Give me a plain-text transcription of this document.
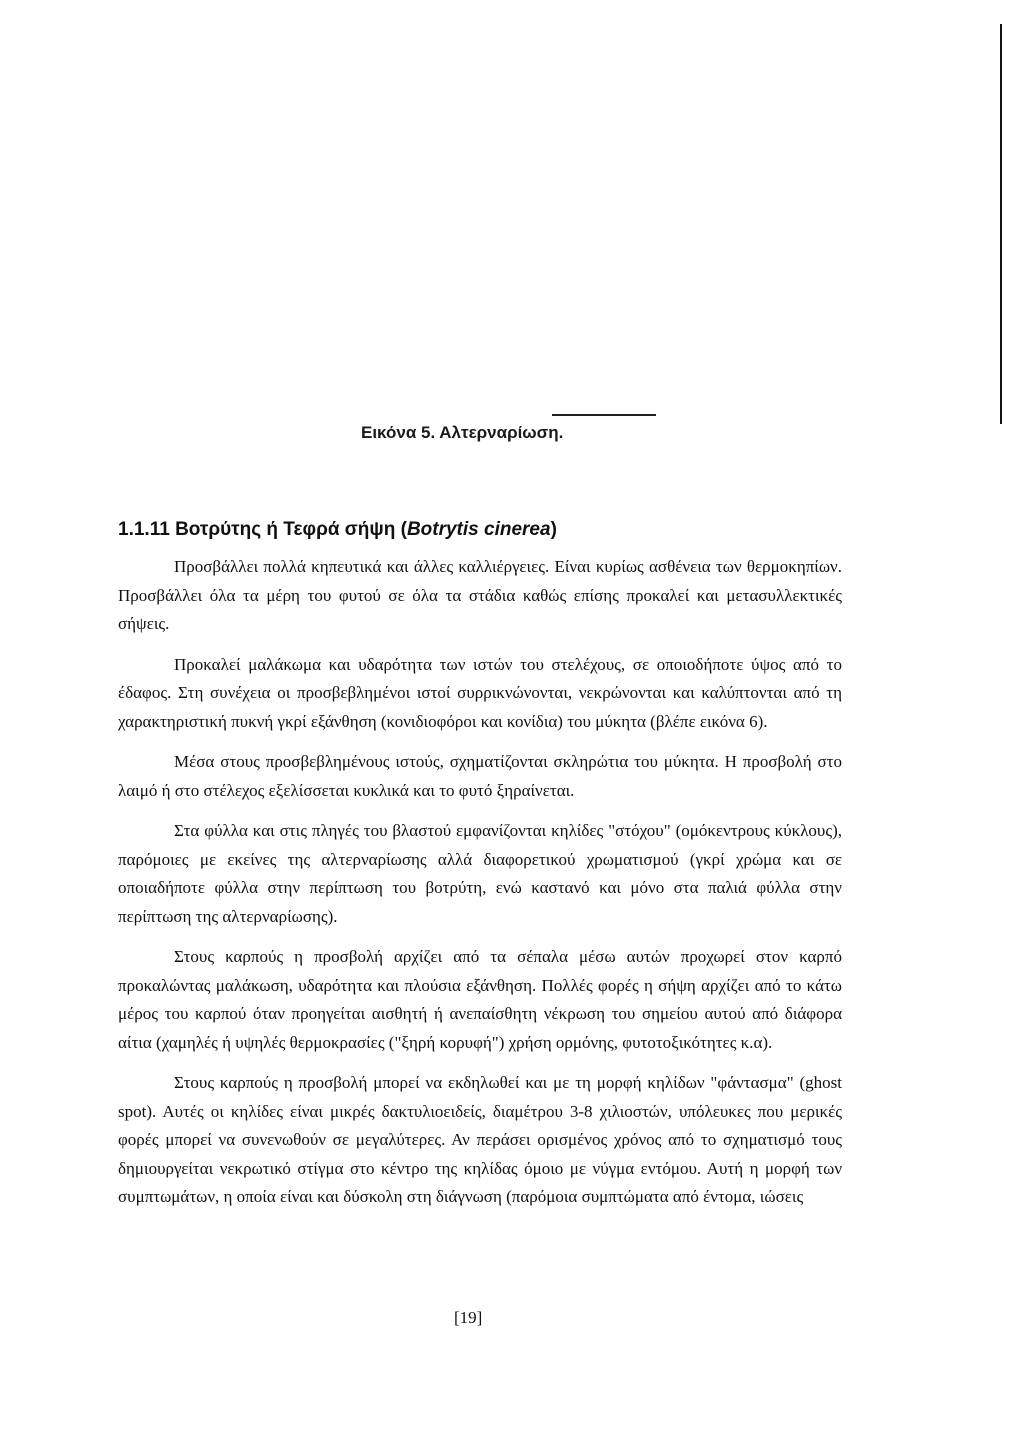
Εικόνα 5. Αλτερναρίωση.
1.1.11 Βοτρύτης ή Τεφρά σήψη (Botrytis cinerea)

Προσβάλλει πολλά κηπευτικά και άλλες καλλιέργειες. Είναι κυρίως ασθένεια των θερμοκηπίων. Προσβάλλει όλα τα μέρη του φυτού σε όλα τα στάδια καθώς επίσης προκαλεί και μετασυλλεκτικές σήψεις.

Προκαλεί μαλάκωμα και υδαρότητα των ιστών του στελέχους, σε οποιοδήποτε ύψος από το έδαφος. Στη συνέχεια οι προσβεβλημένοι ιστοί συρρικνώνονται, νεκρώνονται και καλύπτονται από τη χαρακτηριστική πυκνή γκρί εξάνθηση (κονιδιοφόροι και κονίδια) του μύκητα (βλέπε εικόνα 6).

Μέσα στους προσβεβλημένους ιστούς, σχηματίζονται σκληρώτια του μύκητα. Η προσβολή στο λαιμό ή στο στέλεχος εξελίσσεται κυκλικά και το φυτό ξηραίνεται.

Στα φύλλα και στις πληγές του βλαστού εμφανίζονται κηλίδες "στόχου" (ομόκεντρους κύκλους), παρόμοιες με εκείνες της αλτερναρίωσης αλλά διαφορετικού χρωματισμού (γκρί χρώμα και σε οποιαδήποτε φύλλα στην περίπτωση του βοτρύτη, ενώ καστανό και μόνο στα παλιά φύλλα στην περίπτωση της αλτερναρίωσης).

Στους καρπούς η προσβολή αρχίζει από τα σέπαλα μέσω αυτών προχωρεί στον καρπό προκαλώντας μαλάκωση, υδαρότητα και πλούσια εξάνθηση. Πολλές φορές η σήψη αρχίζει από το κάτω μέρος του καρπού όταν προηγείται αισθητή ή ανεπαίσθητη νέκρωση του σημείου αυτού από διάφορα αίτια (χαμηλές ή υψηλές θερμοκρασίες ("ξηρή κορυφή") χρήση ορμόνης, φυτοτοξικότητες κ.α).

Στους καρπούς η προσβολή μπορεί να εκδηλωθεί και με τη μορφή κηλίδων "φάντασμα" (ghost spot). Αυτές οι κηλίδες είναι μικρές δακτυλιοειδείς, διαμέτρου 3-8 χιλιοστών, υπόλευκες που μερικές φορές μπορεί να συνενωθούν σε μεγαλύτερες. Αν περάσει ορισμένος χρόνος από το σχηματισμό τους δημιουργείται νεκρωτικό στίγμα στο κέντρο της κηλίδας όμοιο με νύγμα εντόμου. Αυτή η μορφή των συμπτωμάτων, η οποία είναι και δύσκολη στη διάγνωση (παρόμοια συμπτώματα από έντομα, ιώσεις

[19]
